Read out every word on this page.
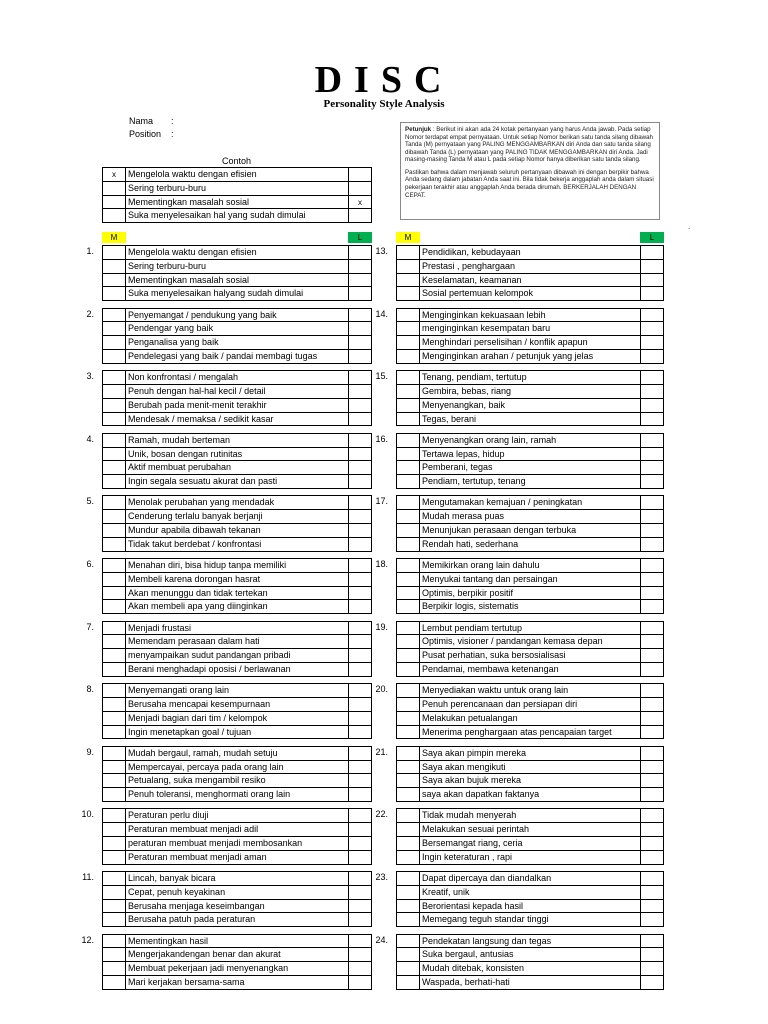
DISC
Personality Style Analysis
Nama :
Position :	Petunjuk : Berikut ini akan ada 24 kotak pertanyaan yang harus Anda jawab. Pada setiap Nomor terdapat empat pernyataan. Untuk setiap Nomor berikan satu tanda silang dibawah Tanda (M) pernyataan yang PALING MENGGAMBARKAN diri Anda dan satu tanda silang dibawah Tanda (L) pernyataan yang PALING TIDAK MENGGAMBARKAN diri Anda. Jadi masing-masing Tanda M atau L pada setiap Nomor hanya diberikan satu tanda silang.

Pastikan bahwa dalam menjawab seluruh pertanyaan dibawah ini dengan berpikir bahwa Anda sedang dalam jabatan Anda saat ini. Bila tidak bekerja anggaplah anda dalam situasi pekerjaan terakhir atau anggaplah Anda berada dirumah. BERKERJALAH DENGAN CEPAT.

.
Contoh
x	Mengelola waktu dengan efisien
Sering terburu-buru
Mementingkan masalah sosial	x
Suka menyelesaikan hal yang sudah dimulai
M	L	M	L
1.	Mengelola waktu dengan efisien
Sering terburu-buru
Mementingkan masalah sosial
Suka menyelesaikan halyang sudah dimulai
2.	Penyemangat / pendukung yang baik
Pendengar yang baik
Penganalisa yang baik
Pendelegasi yang baik / pandai membagi tugas
3.	Non konfrontasi / mengalah
Penuh dengan hal-hal kecil / detail
Berubah pada menit-menit terakhir
Mendesak / memaksa / sedikit kasar
4.	Ramah, mudah berteman
Unik, bosan dengan rutinitas
Aktif membuat perubahan
Ingin segala sesuatu akurat dan pasti
5.	Menolak perubahan yang mendadak
Cenderung terlalu banyak berjanji
Mundur apabila dibawah tekanan
Tidak takut berdebat / konfrontasi
6.	Menahan diri, bisa hidup tanpa memiliki
Membeli karena dorongan hasrat
Akan menunggu dan tidak tertekan
Akan membeli apa yang diinginkan
7.	Menjadi frustasi
Memendam perasaan dalam hati
menyampaikan sudut pandangan pribadi
Berani menghadapi oposisi / berlawanan
8.	Menyemangati orang lain
Berusaha mencapai kesempurnaan
Menjadi bagian dari tim / kelompok
Ingin menetapkan goal / tujuan
9.	Mudah bergaul, ramah, mudah setuju
Mempercayai, percaya pada orang lain
Petualang, suka mengambil resiko
Penuh toleransi, menghormati orang lain
10.	Peraturan perlu diuji
Peraturan membuat menjadi adil
peraturan membuat menjadi membosankan
Peraturan membuat menjadi aman
11.	Lincah, banyak bicara
Cepat, penuh keyakinan
Berusaha menjaga keseimbangan
Berusaha patuh pada peraturan
12.	Mementingkan hasil
Mengerjakandengan benar dan akurat
Membuat pekerjaan jadi menyenangkan
Mari kerjakan bersama-sama
13.	Pendidikan, kebudayaan
Prestasi , penghargaan
Keselamatan, keamanan
Sosial pertemuan kelompok
14.	Menginginkan kekuasaan lebih
menginginkan kesempatan baru
Menghindari perselisihan / konflik apapun
Menginginkan arahan / petunjuk yang jelas
15.	Tenang, pendiam, tertutup
Gembira, bebas, riang
Menyenangkan, baik
Tegas, berani
16.	Menyenangkan orang lain, ramah
Tertawa lepas, hidup
Pemberani, tegas
Pendiam, tertutup, tenang
17.	Mengutamakan kemajuan / peningkatan
Mudah merasa puas
Menunjukan perasaan dengan terbuka
Rendah hati, sederhana
18.	Memikirkan orang lain dahulu
Menyukai tantang dan persaingan
Optimis, berpikir positif
Berpikir logis, sistematis
19.	Lembut pendiam tertutup
Optimis, visioner / pandangan kemasa depan
Pusat perhatian, suka bersosialisasi
Pendamai, membawa ketenangan
20.	Menyediakan waktu untuk orang lain
Penuh perencanaan dan persiapan diri
Melakukan petualangan
Menerima penghargaan atas pencapaian target
21.	Saya akan pimpin mereka
Saya akan mengikuti
Saya akan bujuk mereka
saya akan dapatkan faktanya
22.	Tidak mudah menyerah
Melakukan sesuai perintah
Bersemangat riang, ceria
Ingin keteraturan , rapi
23.	Dapat dipercaya dan diandalkan
Kreatif, unik
Berorientasi kepada hasil
Memegang teguh standar tinggi
24.	Pendekatan langsung dan tegas
Suka bergaul, antusias
Mudah ditebak, konsisten
Waspada, berhati-hati
